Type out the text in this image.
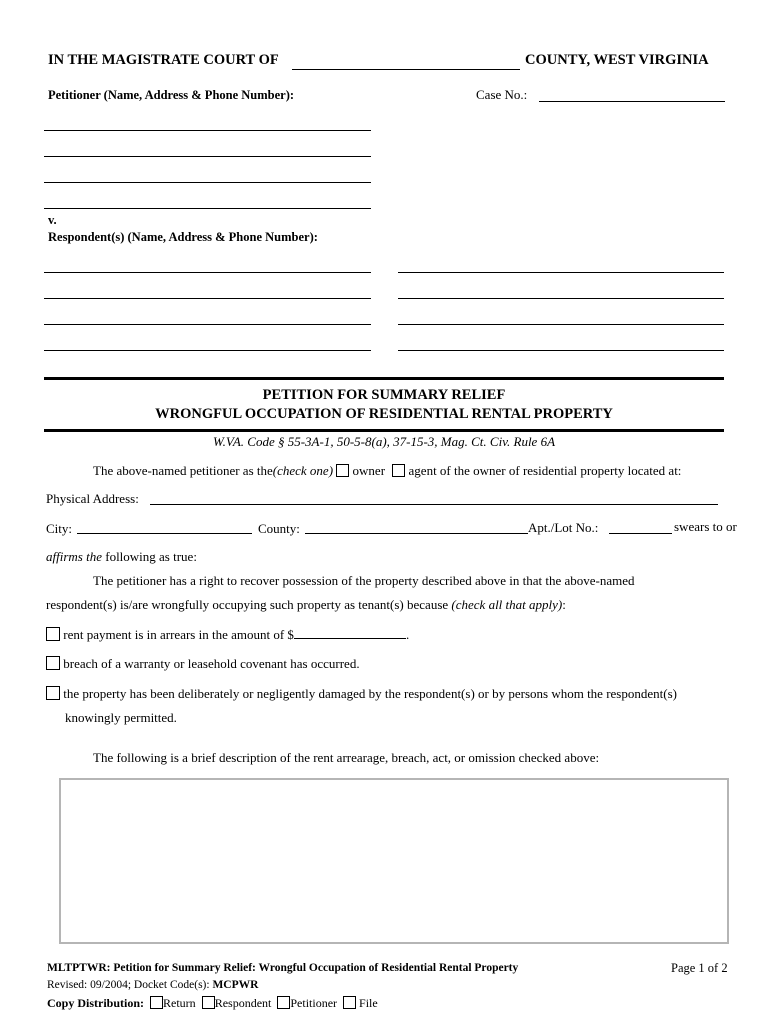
IN THE MAGISTRATE COURT OF	COUNTY, WEST VIRGINIA
Petitioner (Name, Address & Phone Number):	Case No.:
v.
Respondent(s) (Name, Address & Phone Number):
PETITION FOR SUMMARY RELIEF
WRONGFUL OCCUPATION OF RESIDENTIAL RENTAL PROPERTY
W.VA. Code § 55-3A-1, 50-5-8(a), 37-15-3, Mag. Ct. Civ. Rule 6A
The above-named petitioner as the(check one) owner agent of the owner of residential property located at:
Physical Address:
City:	County:	Apt./Lot No.:	swears to or
affirms the following as true:
The petitioner has a right to recover possession of the property described above in that the above-named
respondent(s) is/are wrongfully occupying such property as tenant(s) because (check all that apply):
rent payment is in arrears in the amount of $	.
breach of a warranty or leasehold covenant has occurred.
the property has been deliberately or negligently damaged by the respondent(s) or by persons whom the respondent(s)
knowingly permitted.
The following is a brief description of the rent arrearage, breach, act, or omission checked above:
MLTPTWR: Petition for Summary Relief: Wrongful Occupation of Residential Rental Property	Page 1 of 2
Revised: 09/2004; Docket Code(s): MCPWR
Copy Distribution: Return Respondent Petitioner File
